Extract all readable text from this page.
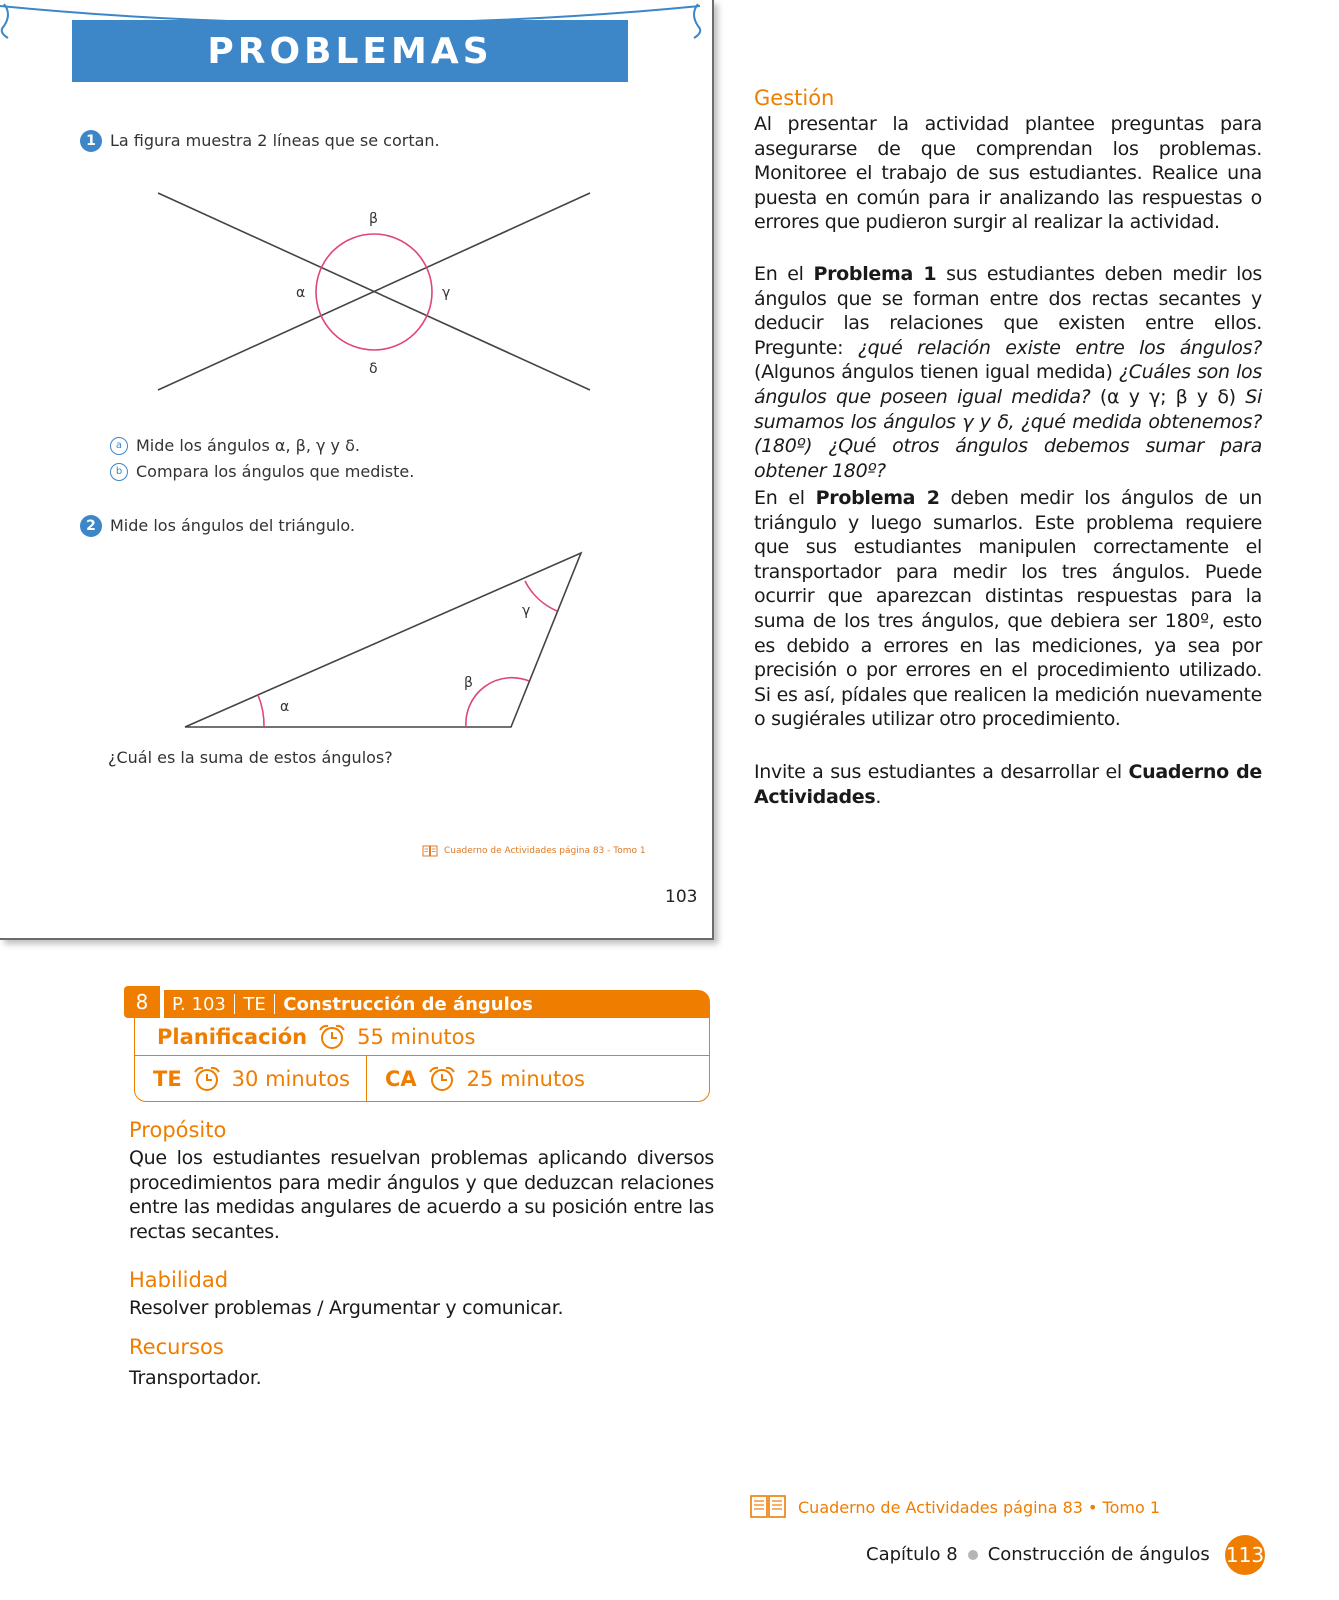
PROBLEMAS
1 La figura muestra 2 líneas que se cortan.
β
α	γ
δ
a Mide los ángulos α, β, γ y δ.
b Compara los ángulos que mediste.
2 Mide los ángulos del triángulo.
γ
β
α
¿Cuál es la suma de estos ángulos?
Cuaderno de Actividades página 83 - Tomo 1
103
8	P. 103 TE Construcción de ángulos
Planificación 55 minutos
TE 30 minutos CA 25 minutos
Propósito
Que los estudiantes resuelvan problemas aplicando diversos procedimientos para medir ángulos y que deduzcan relaciones entre las medidas angulares de acuerdo a su posición entre las rectas secantes.
Habilidad
Resolver problemas / Argumentar y comunicar.
Recursos
Transportador.
Gestión
Al presentar la actividad plantee preguntas para asegurarse de que comprendan los problemas. Monitoree el trabajo de sus estudiantes. Realice una puesta en común para ir analizando las respuestas o errores que pudieron surgir al realizar la actividad.
En el Problema 1 sus estudiantes deben medir los ángulos que se forman entre dos rectas secantes y deducir las relaciones que existen entre ellos. Pregunte: ¿qué relación existe entre los ángulos? (Algunos ángulos tienen igual medida) ¿Cuáles son los ángulos que poseen igual medida? (α y γ; β y δ) Si sumamos los ángulos γ y δ, ¿qué medida obtenemos? (180º) ¿Qué otros ángulos debemos sumar para obtener 180º?
En el Problema 2 deben medir los ángulos de un triángulo y luego sumarlos. Este problema requiere que sus estudiantes manipulen correctamente el transportador para medir los tres ángulos. Puede ocurrir que aparezcan distintas respuestas para la suma de los tres ángulos, que debiera ser 180º, esto es debido a errores en las mediciones, ya sea por precisión o por errores en el procedimiento utilizado. Si es así, pídales que realicen la medición nuevamente o sugiérales utilizar otro procedimiento.
Invite a sus estudiantes a desarrollar el Cuaderno de Actividades.
Cuaderno de Actividades página 83 • Tomo 1
Capítulo 8 Construcción de ángulos 113
